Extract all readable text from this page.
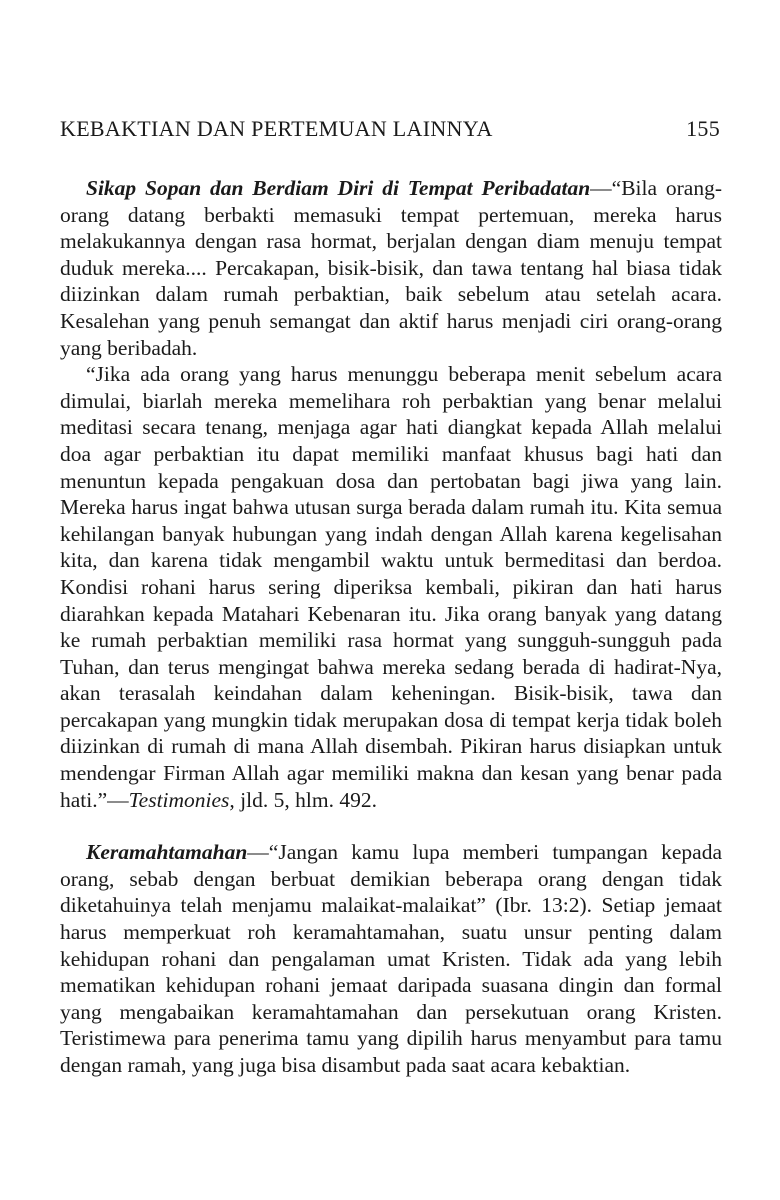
KEBAKTIAN DAN PERTEMUAN LAINNYA	155

Sikap Sopan dan Berdiam Diri di Tempat Peribadatan—“Bila orang-orang datang berbakti memasuki tempat pertemuan, mereka harus melakukannya dengan rasa hormat, berjalan dengan diam menuju tempat duduk mereka.... Percakapan, bisik-bisik, dan tawa tentang hal biasa tidak diizinkan dalam rumah perbaktian, baik sebelum atau setelah acara. Kesalehan yang penuh semangat dan aktif harus menjadi ciri orang-orang yang beribadah.

“Jika ada orang yang harus menunggu beberapa menit sebelum acara dimulai, biarlah mereka memelihara roh perbaktian yang benar melalui meditasi secara tenang, menjaga agar hati diangkat kepada Allah melalui doa agar perbaktian itu dapat memiliki manfaat khusus bagi hati dan menuntun kepada pengakuan dosa dan pertobatan bagi jiwa yang lain. Mereka harus ingat bahwa utusan surga berada dalam rumah itu. Kita semua kehilangan banyak hubungan yang indah dengan Allah karena kegelisahan kita, dan karena tidak mengambil waktu untuk bermeditasi dan berdoa. Kondisi rohani harus sering diperiksa kembali, pikiran dan hati harus diarahkan kepada Matahari Kebenaran itu. Jika orang banyak yang datang ke rumah perbaktian memiliki rasa hormat yang sungguh-sungguh pada Tuhan, dan terus mengingat bahwa mereka sedang berada di hadirat-Nya, akan terasalah keindahan dalam keheningan. Bisik-bisik, tawa dan percakapan yang mungkin tidak merupakan dosa di tempat kerja tidak boleh diizinkan di rumah di mana Allah disembah. Pikiran harus disiapkan untuk mendengar Firman Allah agar memiliki makna dan kesan yang benar pada hati.”—Testimonies, jld. 5, hlm. 492.

Keramahtamahan—“Jangan kamu lupa memberi tumpangan kepada orang, sebab dengan berbuat demikian beberapa orang dengan tidak diketahuinya telah menjamu malaikat-malaikat” (Ibr. 13:2). Setiap jemaat harus memperkuat roh keramahtamahan, suatu unsur penting dalam kehidupan rohani dan pengalaman umat Kristen. Tidak ada yang lebih mematikan kehidupan rohani jemaat daripada suasana dingin dan formal yang mengabaikan keramahtamahan dan persekutuan orang Kristen. Teristimewa para penerima tamu yang dipilih harus menyambut para tamu dengan ramah, yang juga bisa disambut pada saat acara kebaktian.
